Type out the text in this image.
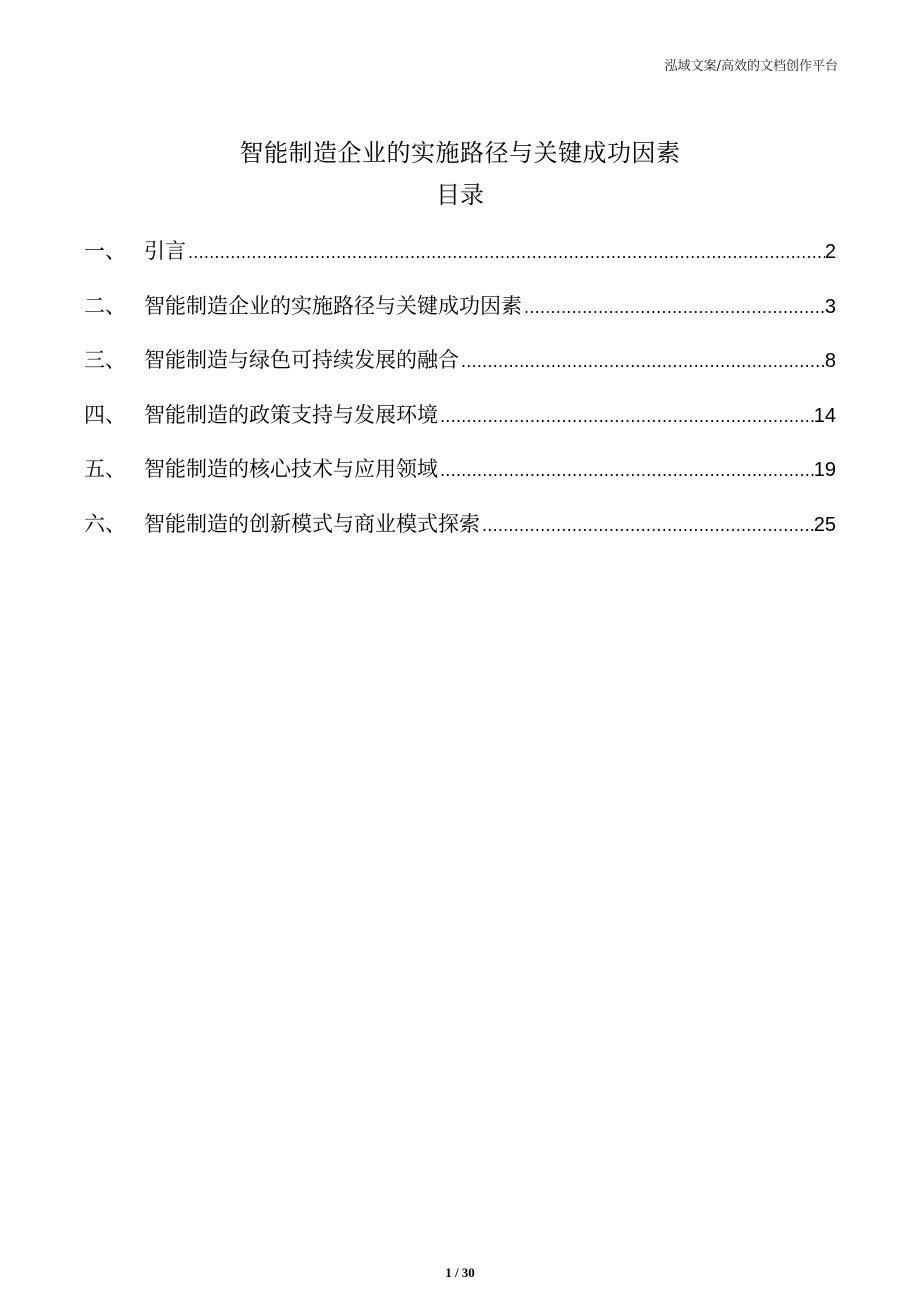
泓域文案/高效的文档创作平台
智能制造企业的实施路径与关键成功因素
目录
一、 引言 .....	2
二、 智能制造企业的实施路径与关键成功因素 .....	3
三、 智能制造与绿色可持续发展的融合 .....	8
四、 智能制造的政策支持与发展环境 .....	14
五、 智能制造的核心技术与应用领域 .....	19
六、 智能制造的创新模式与商业模式探索 .....	25
1 / 30
